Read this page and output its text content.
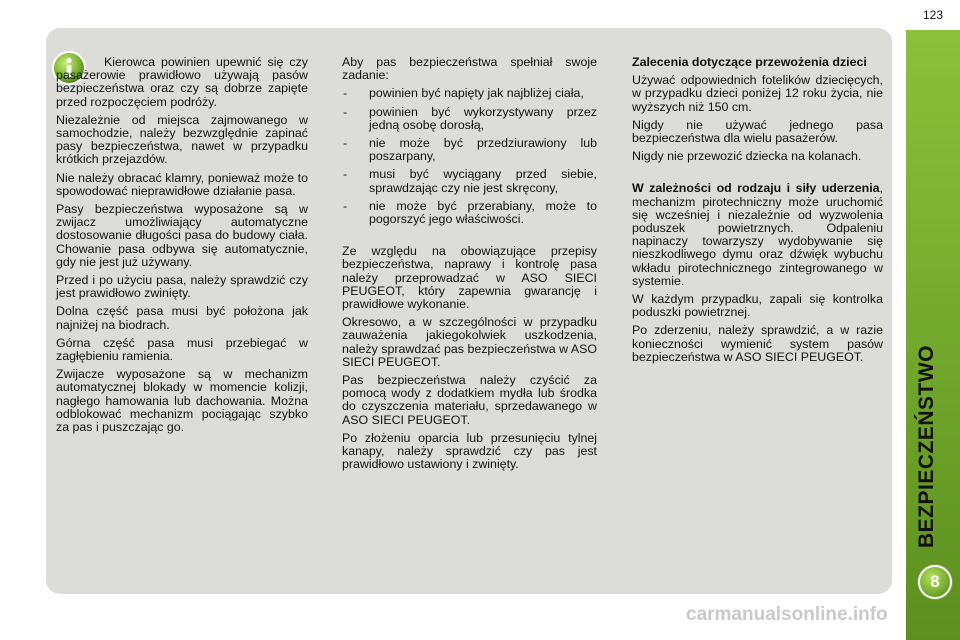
123
BEZPIECZEŃSTWO
8

Kierowca powinien upewnić się czy pasażerowie prawidłowo używają pasów bezpieczeństwa oraz czy są dobrze zapięte przed rozpoczęciem podróży.

Niezależnie od miejsca zajmowanego w samochodzie, należy bezwzględnie zapinać pasy bezpieczeństwa, nawet w przypadku krótkich przejazdów.

Nie należy obracać klamry, ponieważ może to spowodować nieprawidłowe działanie pasa.

Pasy bezpieczeństwa wyposażone są w zwijacz umożliwiający automatyczne dostosowanie długości pasa do budowy ciała. Chowanie pasa odbywa się automatycznie, gdy nie jest już używany.

Przed i po użyciu pasa, należy sprawdzić czy jest prawidłowo zwinięty.

Dolna część pasa musi być położona jak najniżej na biodrach.

Górna część pasa musi przebiegać w zagłębieniu ramienia.

Zwijacze wyposażone są w mechanizm automatycznej blokady w momencie kolizji, nagłego hamowania lub dachowania. Można odblokować mechanizm pociągając szybko za pas i puszczając go.

Aby pas bezpieczeństwa spełniał swoje zadanie:

- powinien być napięty jak najbliżej ciała,
- powinien być wykorzystywany przez jedną osobę dorosłą,
- nie może być przedziurawiony lub poszarpany,
- musi być wyciągany przed siebie, sprawdzając czy nie jest skręcony,
- nie może być przerabiany, może to pogorszyć jego właściwości.

Ze względu na obowiązujące przepisy bezpieczeństwa, naprawy i kontrolę pasa należy przeprowadzać w ASO SIECI PEUGEOT, który zapewnia gwarancję i prawidłowe wykonanie.

Okresowo, a w szczególności w przypadku zauważenia jakiegokolwiek uszkodzenia, należy sprawdzać pas bezpieczeństwa w ASO SIECI PEUGEOT.

Pas bezpieczeństwa należy czyścić za pomocą wody z dodatkiem mydła lub środka do czyszczenia materiału, sprzedawanego w ASO SIECI PEUGEOT.

Po złożeniu oparcia lub przesunięciu tylnej kanapy, należy sprawdzić czy pas jest prawidłowo ustawiony i zwinięty.

Zalecenia dotyczące przewożenia dzieci

Używać odpowiednich fotelików dziecięcych, w przypadku dzieci poniżej 12 roku życia, nie wyższych niż 150 cm.

Nigdy nie używać jednego pasa bezpieczeństwa dla wielu pasażerów.

Nigdy nie przewozić dziecka na kolanach.

W zależności od rodzaju i siły uderzenia, mechanizm pirotechniczny może uruchomić się wcześniej i niezależnie od wyzwolenia poduszek powietrznych. Odpaleniu napinaczy towarzyszy wydobywanie się nieszkodliwego dymu oraz dźwięk wybuchu wkładu pirotechnicznego zintegrowanego w systemie.

W każdym przypadku, zapali się kontrolka poduszki powietrznej.

Po zderzeniu, należy sprawdzić, a w razie konieczności wymienić system pasów bezpieczeństwa w ASO SIECI PEUGEOT.

carmanualsonline.info
